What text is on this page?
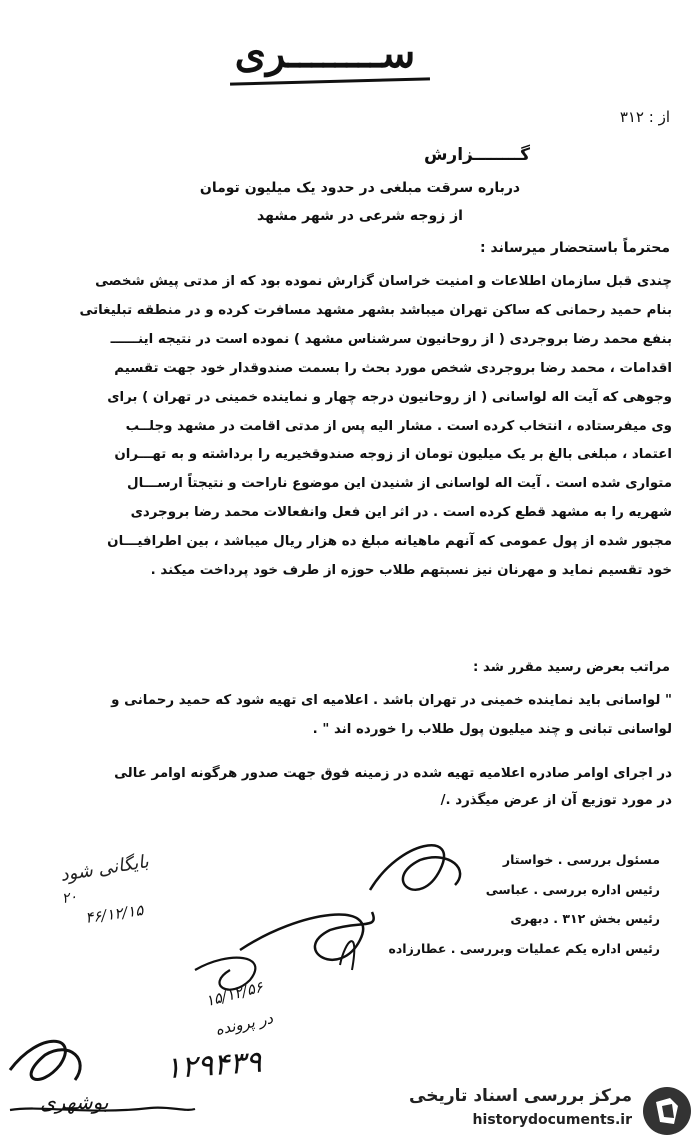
ســــــــرى
از : ۳۱۲
گــــــــزارش
درباره سرقت مبلغی در حدود یک میلیون تومان
از زوجه شرعی در شهر مشهد
محترماً باستحضار میرساند :
چندی قبل سازمان اطلاعات و امنیت خراسان گزارش نموده بود که از مدتی پیش شخصی
بنام حمید رحمانی که ساکن تهران میباشد بشهر مشهد مسافرت کرده و در منطقه تبلیغاتی
بنفع محمد رضا بروجردی ( از روحانیون سرشناس مشهد ) نموده است در نتیجه اینــــــ
اقدامات ، محمد رضا بروجردی شخص مورد بحث را بسمت صندوقدار خود جهت تقسیم
وجوهی که آیت اله لواسانی ( از روحانیون درجه چهار و نماینده خمینی در تهران ) برای
وی میفرستاده ، انتخاب کرده است . مشار الیه پس از مدتی اقامت در مشهد وجلــب
اعتماد ، مبلغی بالغ بر یک میلیون تومان از زوجه صندوقخیریه را برداشته و به تهـــران
متواری شده است . آیت اله لواسانی از شنیدن این موضوع ناراحت و نتیجتاً ارســـال
شهریه را به مشهد قطع کرده است . در اثر این فعل وانفعالات محمد رضا بروجردی
مجبور شده از پول عمومی که آنهم ماهیانه مبلغ ده هزار ریال میباشد ، بین اطرافیـــان
خود تقسیم نماید و مهرنان نیز نسبتهم طلاب حوزه از طرف خود پرداخت میکند .
مراتب بعرض رسید مقرر شد :
" لواسانی باید نماینده خمینی در تهران باشد . اعلامیه ای تهیه شود که حمید رحمانی و
لواسانی تبانی و چند میلیون پول طلاب را خورده اند " .
در اجرای اوامر صادره اعلامیه تهیه شده در زمینه فوق جهت صدور هرگونه اوامر عالی
در مورد توزیع آن از عرض میگذرد ./
مسئول بررسی . خواستار
رئیس اداره بررسی . عباسی
رئیس بخش ۳۱۲ . دبهری
رئیس اداره یکم عملیات وبررسی . عطارزاده
بایگانی شود
۲۰
۴۶/۱۲/۱۵
۱۵/۱۲/۵۶
در پرونده
۱۲۹۴۳۹
بوشهری	مرکز بررسی اسناد تاریخی
historydocuments.ir
